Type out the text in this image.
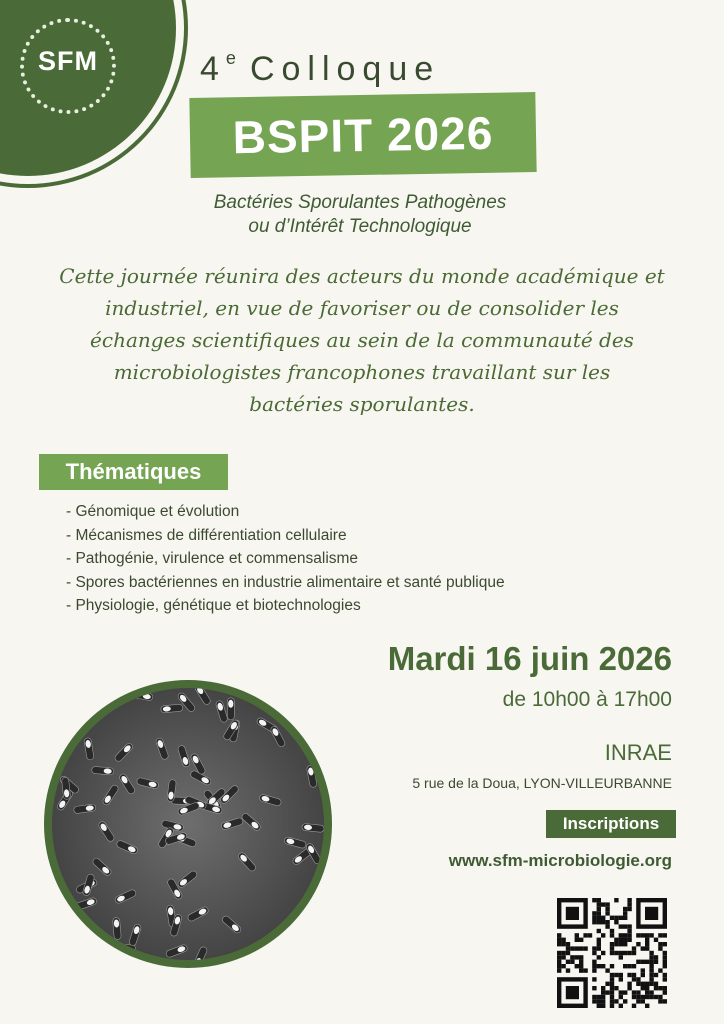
SFM	4e Colloque
BSPIT 2026
Bactéries Sporulantes Pathogènes
ou d’Intérêt Technologique
Cette journée réunira des acteurs du monde académique et
industriel, en vue de favoriser ou de consolider les
échanges scientifiques au sein de la communauté des
microbiologistes francophones travaillant sur les
bactéries sporulantes.
Thématiques
- Génomique et évolution
- Mécanismes de différentiation cellulaire
- Pathogénie, virulence et commensalisme
- Spores bactériennes en industrie alimentaire et santé publique
- Physiologie, génétique et biotechnologies
Mardi 16 juin 2026
de 10h00 à 17h00
INRAE
5 rue de la Doua, LYON-VILLEURBANNE
Inscriptions
www.sfm-microbiologie.org
